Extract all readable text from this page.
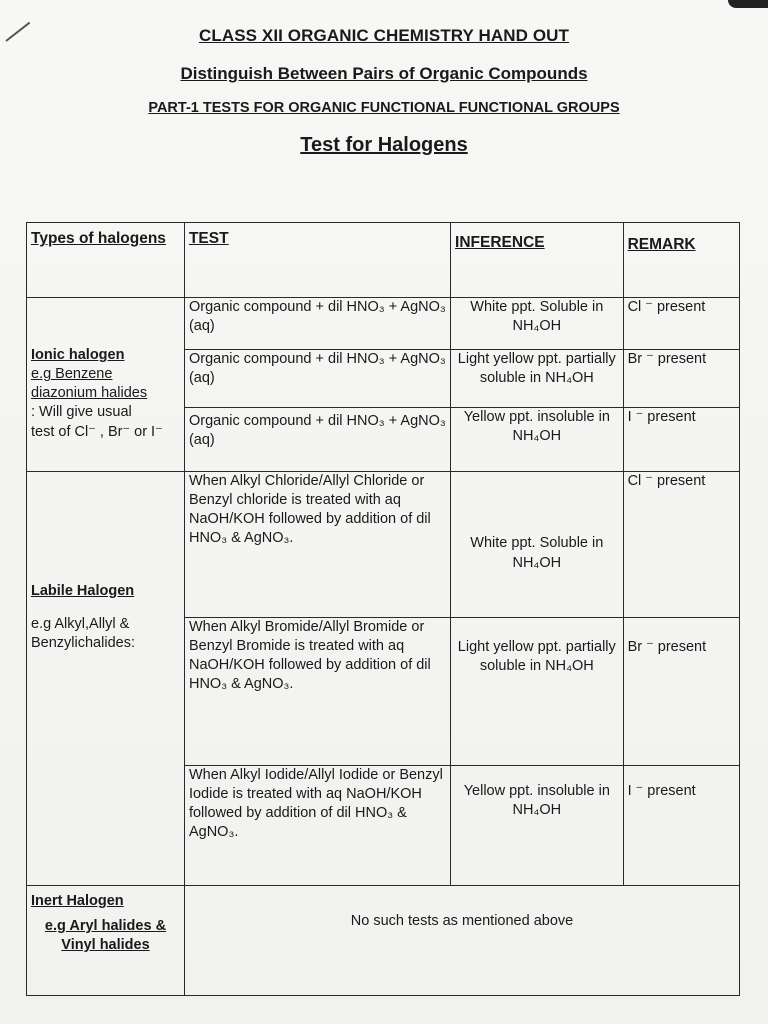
CLASS XII ORGANIC CHEMISTRY HAND OUT
Distinguish Between Pairs of Organic Compounds
PART-1 TESTS FOR ORGANIC FUNCTIONAL FUNCTIONAL GROUPS
Test for Halogens
Types of halogens	TEST	INFERENCE	REMARK

Ionic halogen
e.g Benzene
diazonium halides
: Will give usual
test of Cl⁻ , Br⁻ or I⁻	Organic compound + dil HNO₃ + AgNO₃ (aq)	White ppt. Soluble in NH₄OH	Cl ⁻ present
	Organic compound + dil HNO₃ + AgNO₃ (aq)	Light yellow ppt. partially soluble in NH₄OH	Br ⁻ present
	Organic compound + dil HNO₃ + AgNO₃ (aq)	Yellow ppt. insoluble in NH₄OH	I ⁻ present

Labile Halogen
e.g Alkyl,Allyl &
Benzylichalides:	When Alkyl Chloride/Allyl Chloride or Benzyl chloride is treated with aq NaOH/KOH followed by addition of dil HNO₃ & AgNO₃.	White ppt. Soluble in NH₄OH	Cl ⁻ present
	When Alkyl Bromide/Allyl Bromide or Benzyl Bromide is treated with aq NaOH/KOH followed by addition of dil HNO₃ & AgNO₃.	Light yellow ppt. partially soluble in NH₄OH	Br ⁻ present
	When Alkyl Iodide/Allyl Iodide or Benzyl Iodide is treated with aq NaOH/KOH followed by addition of dil HNO₃ & AgNO₃.	Yellow ppt. insoluble in NH₄OH	I ⁻ present

Inert Halogen
e.g Aryl halides &
Vinyl halides	No such tests as mentioned above		
